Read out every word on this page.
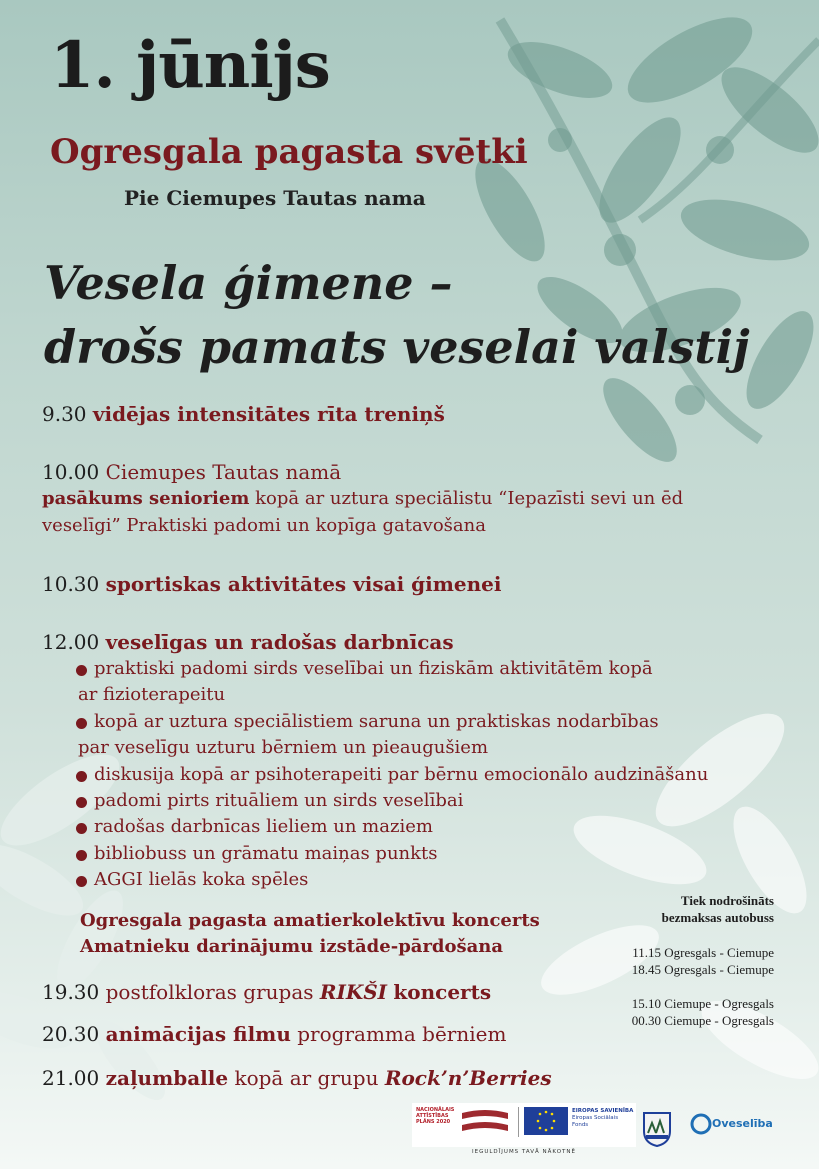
1. jūnijs
Ogresgala pagasta svētki
Pie Ciemupes Tautas nama
Vesela ģimene –
drošs pamats veselai valstij
9.30 vidējas intensitātes rīta treniņš
10.00 Ciemupes Tautas namā
pasākums senioriem kopā ar uztura speciālistu “Iepazīsti sevi un ēd
veselīgi” Praktiski padomi un kopīga gatavošana
10.30 sportiskas aktivitātes visai ģimenei
12.00 veselīgas un radošas darbnīcas
praktiski padomi sirds veselībai un fiziskām aktivitātēm kopā
ar fizioterapeitu
kopā ar uztura speciālistiem saruna un praktiskas nodarbības
par veselīgu uzturu bērniem un pieaugušiem
diskusija kopā ar psihoterapeiti par bērnu emocionālo audzināšanu
padomi pirts rituāliem un sirds veselībai
radošas darbnīcas lieliem un maziem
bibliobuss un grāmatu maiņas punkts
AGGI lielās koka spēles
Ogresgala pagasta amatierkolektīvu koncerts
Amatnieku darinājumu izstāde-pārdošana
19.30 postfolkloras grupas RIKŠI koncerts
20.30 animācijas filmu programma bērniem
21.00 zaļumballe kopā ar grupu Rock’n’Berries
Tiek nodrošināts
bezmaksas autobuss
11.15 Ogresgals - Ciemupe
18.45 Ogresgals - Ciemupe
15.10 Ciemupe - Ogresgals
00.30 Ciemupe - Ogresgals
NACIONĀLAIS
ATTĪSTĪBAS
PLĀNS 2020
EIROPAS SAVIENĪBA
Eiropas Sociālais
Fonds
IEGULDĪJUMS TAVĀ NĀKOTNĒ
Oveselība
